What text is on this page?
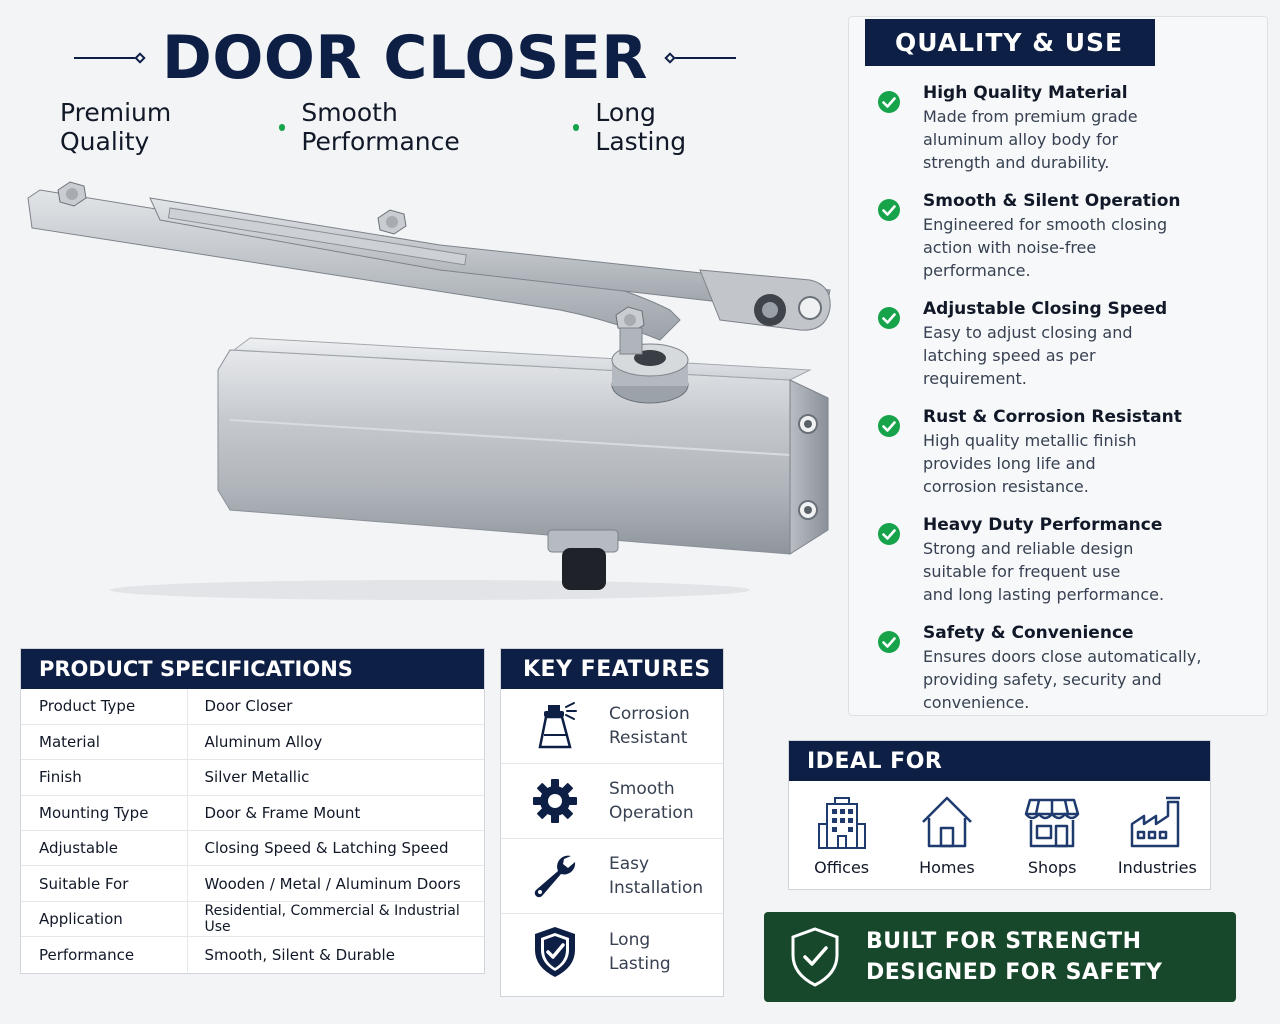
DOOR CLOSER
Premium Quality
Smooth Performance
Long Lasting
QUALITY & USE
High Quality Material
Made from premium grade
aluminum alloy body for
strength and durability.
Smooth & Silent Operation
Engineered for smooth closing
action with noise-free
performance.
Adjustable Closing Speed
Easy to adjust closing and
latching speed as per
requirement.
Rust & Corrosion Resistant
High quality metallic finish
provides long life and
corrosion resistance.
Heavy Duty Performance
Strong and reliable design
suitable for frequent use
and long lasting performance.
Safety & Convenience
Ensures doors close automatically,
providing safety, security and
convenience.
PRODUCT SPECIFICATIONS
Product Type	Door Closer
Material	Aluminum Alloy
Finish	Silver Metallic
Mounting Type	Door & Frame Mount
Adjustable	Closing Speed & Latching Speed
Suitable For	Wooden / Metal / Aluminum Doors
Application	Residential, Commercial & Industrial Use
Performance	Smooth, Silent & Durable
KEY FEATURES
Corrosion
Resistant
Smooth
Operation
Easy
Installation
Long
Lasting
IDEAL FOR
Offices	Homes	Shops	Industries
BUILT FOR STRENGTH
DESIGNED FOR SAFETY
